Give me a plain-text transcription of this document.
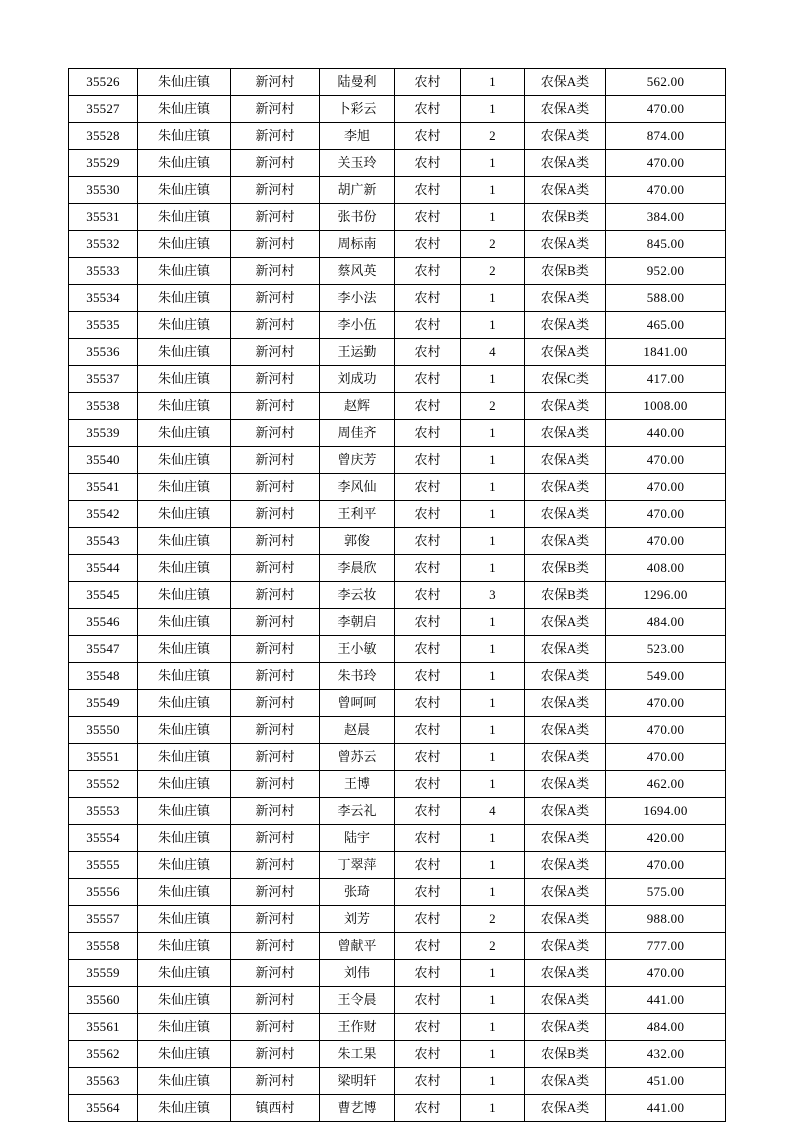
35526	朱仙庄镇	新河村	陆曼利	农村	1	农保A类	562.00
35527	朱仙庄镇	新河村	卜彩云	农村	1	农保A类	470.00
35528	朱仙庄镇	新河村	李旭	农村	2	农保A类	874.00
35529	朱仙庄镇	新河村	关玉玲	农村	1	农保A类	470.00
35530	朱仙庄镇	新河村	胡广新	农村	1	农保A类	470.00
35531	朱仙庄镇	新河村	张书份	农村	1	农保B类	384.00
35532	朱仙庄镇	新河村	周标南	农村	2	农保A类	845.00
35533	朱仙庄镇	新河村	蔡风英	农村	2	农保B类	952.00
35534	朱仙庄镇	新河村	李小法	农村	1	农保A类	588.00
35535	朱仙庄镇	新河村	李小伍	农村	1	农保A类	465.00
35536	朱仙庄镇	新河村	王运勤	农村	4	农保A类	1841.00
35537	朱仙庄镇	新河村	刘成功	农村	1	农保C类	417.00
35538	朱仙庄镇	新河村	赵辉	农村	2	农保A类	1008.00
35539	朱仙庄镇	新河村	周佳齐	农村	1	农保A类	440.00
35540	朱仙庄镇	新河村	曾庆芳	农村	1	农保A类	470.00
35541	朱仙庄镇	新河村	李风仙	农村	1	农保A类	470.00
35542	朱仙庄镇	新河村	王利平	农村	1	农保A类	470.00
35543	朱仙庄镇	新河村	郭俊	农村	1	农保A类	470.00
35544	朱仙庄镇	新河村	李晨欣	农村	1	农保B类	408.00
35545	朱仙庄镇	新河村	李云妆	农村	3	农保B类	1296.00
35546	朱仙庄镇	新河村	李朝启	农村	1	农保A类	484.00
35547	朱仙庄镇	新河村	王小敏	农村	1	农保A类	523.00
35548	朱仙庄镇	新河村	朱书玲	农村	1	农保A类	549.00
35549	朱仙庄镇	新河村	曾呵呵	农村	1	农保A类	470.00
35550	朱仙庄镇	新河村	赵晨	农村	1	农保A类	470.00
35551	朱仙庄镇	新河村	曾苏云	农村	1	农保A类	470.00
35552	朱仙庄镇	新河村	王博	农村	1	农保A类	462.00
35553	朱仙庄镇	新河村	李云礼	农村	4	农保A类	1694.00
35554	朱仙庄镇	新河村	陆宇	农村	1	农保A类	420.00
35555	朱仙庄镇	新河村	丁翠萍	农村	1	农保A类	470.00
35556	朱仙庄镇	新河村	张琦	农村	1	农保A类	575.00
35557	朱仙庄镇	新河村	刘芳	农村	2	农保A类	988.00
35558	朱仙庄镇	新河村	曾献平	农村	2	农保A类	777.00
35559	朱仙庄镇	新河村	刘伟	农村	1	农保A类	470.00
35560	朱仙庄镇	新河村	王令晨	农村	1	农保A类	441.00
35561	朱仙庄镇	新河村	王作财	农村	1	农保A类	484.00
35562	朱仙庄镇	新河村	朱工果	农村	1	农保B类	432.00
35563	朱仙庄镇	新河村	梁明轩	农村	1	农保A类	451.00
35564	朱仙庄镇	镇西村	曹艺博	农村	1	农保A类	441.00
